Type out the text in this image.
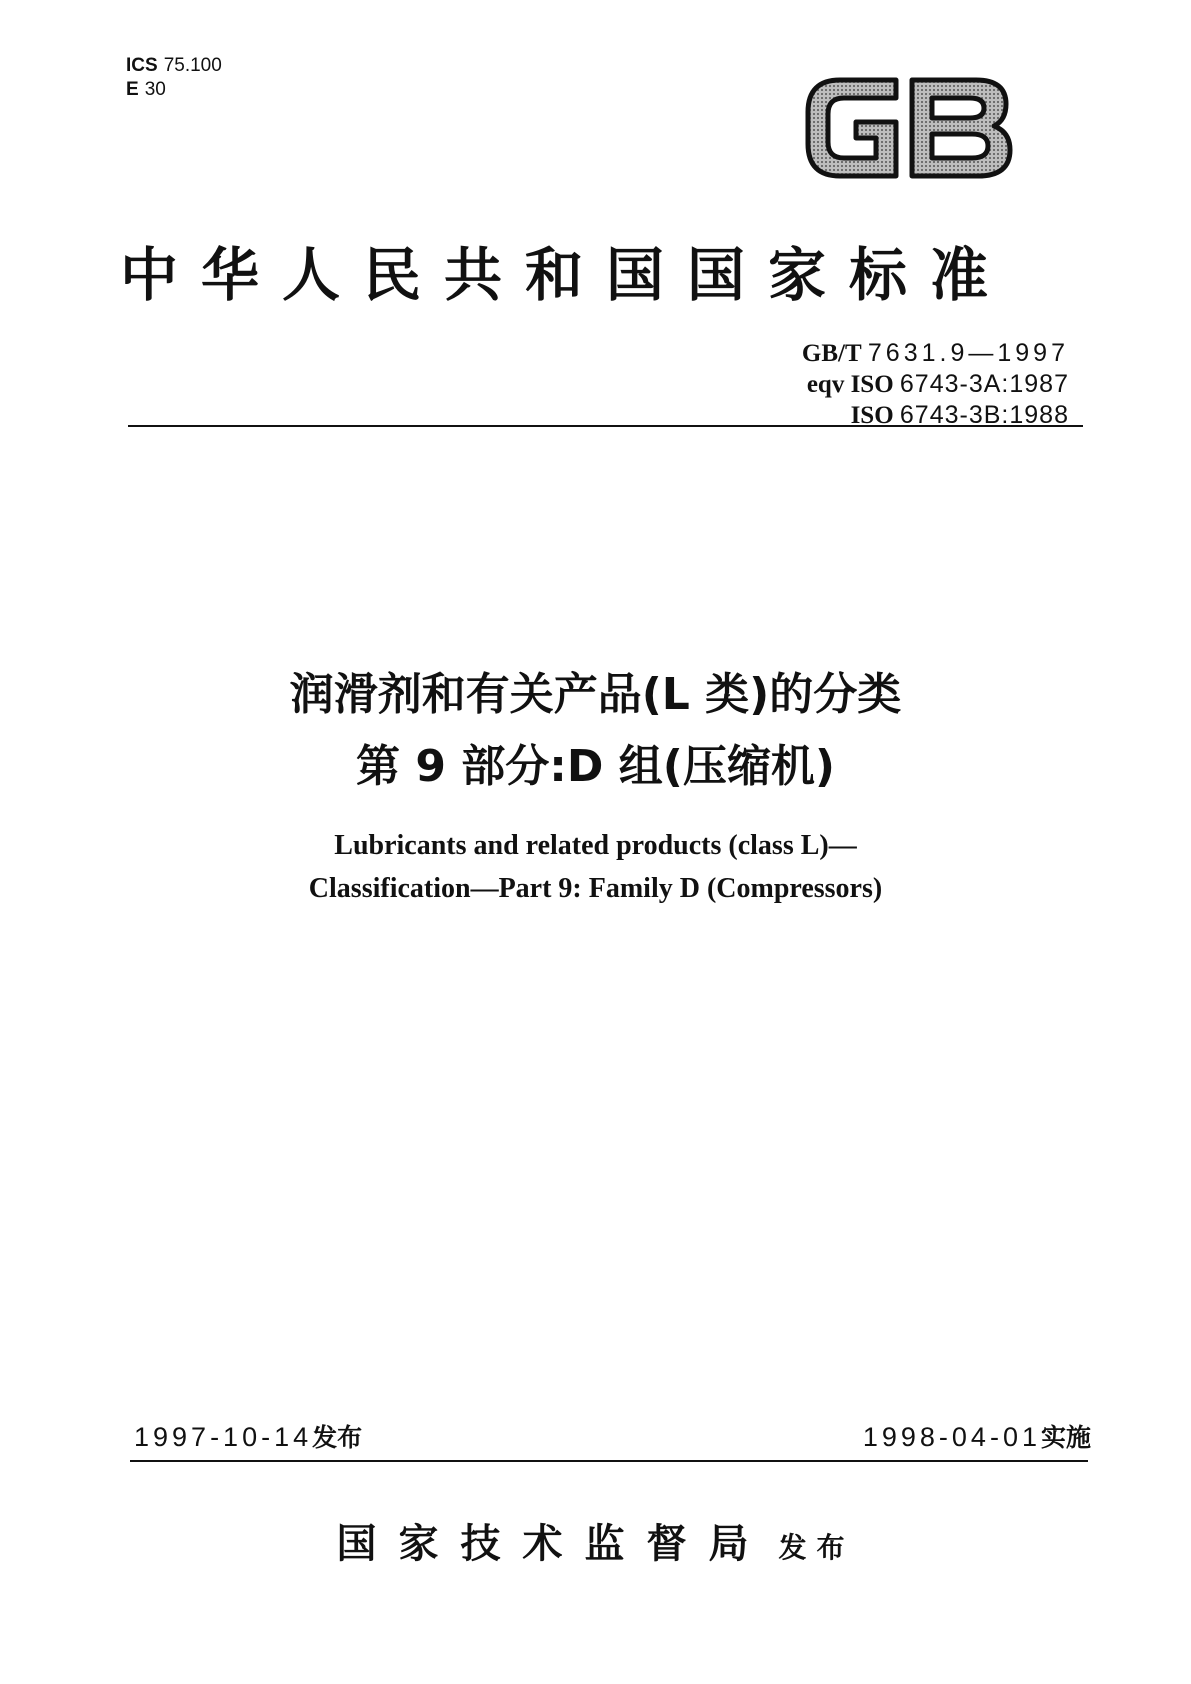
ICS 75.100
E 30
中华人民共和国国家标准
GB/T 7631.9—1997
eqv ISO 6743-3A:1987
ISO 6743-3B:1988
润滑剂和有关产品(L 类)的分类
第 9 部分:D 组(压缩机)
Lubricants and related products (class L)—
Classification—Part 9: Family D (Compressors)
1997-10-14发布	1998-04-01实施
国家技术监督局 发布
